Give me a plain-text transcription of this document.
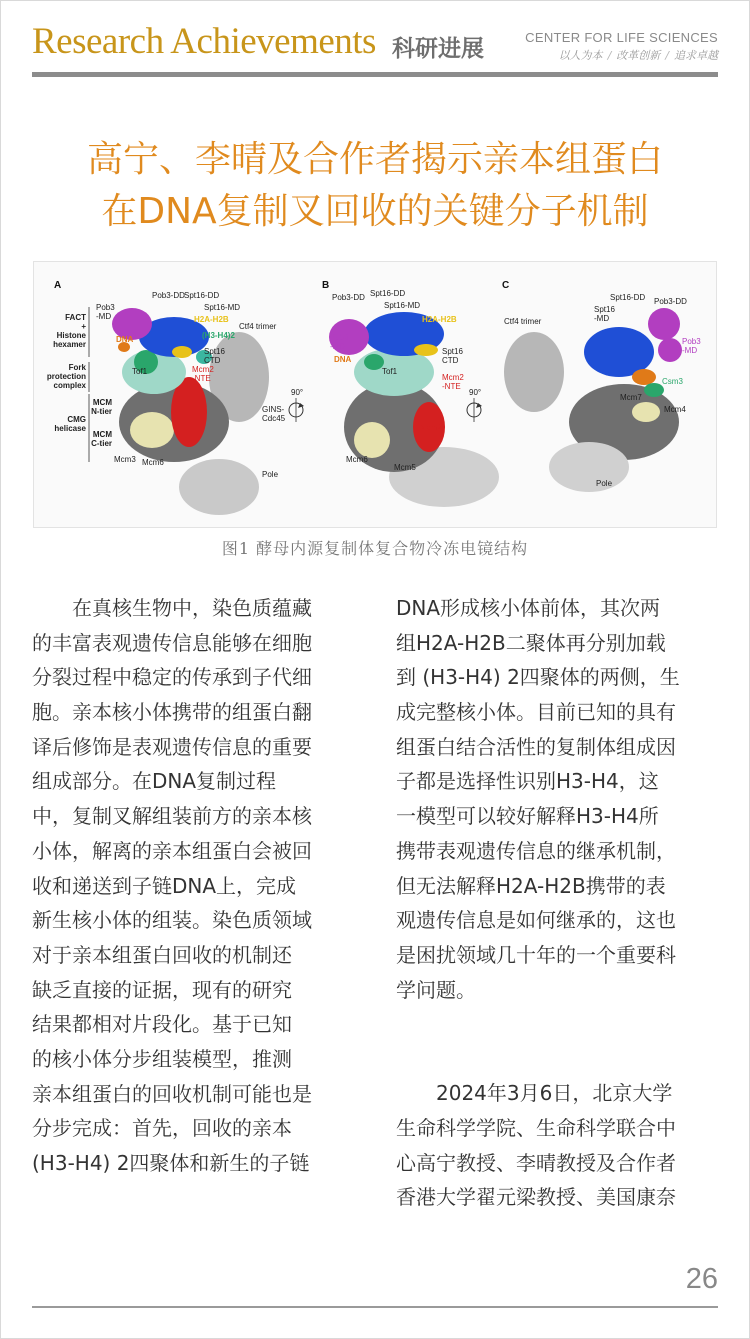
Research Achievements 科研进展	CENTER FOR LIFE SCIENCES
以人为本 / 改革创新 / 追求卓越
高宁、李晴及合作者揭示亲本组蛋白
在DNA复制叉回收的关键分子机制
A
FACT + Histone hexamer
Fork protection complex
CMG helicase
MCM N-tier
MCM C-tier
Pob3-DD Spt16-DD
Spt16-MD
Pob3 -MD	H2A-H2B
(H3-H4)2
DNA
Ctf4 trimer
Spt16 CTD
Mcm2 -NTE
Tof1
GINS-Cdc45
Mcm3 Mcm6
Pole
90°
B
Pob3-DD Spt16-DD
Spt16-MD
Pob3 -MD
H2A-H2B
DNA
Spt16 CTD
Mcm2 -NTE
Tof1
Mcm2
Mcm6
Mcm5
90°
C
Ctf4 trimer
Spt16-DD Pob3-DD
Spt16 -MD
Pob3 -MD
Csm3
Mcm7
Mcm4
Pole
图1 酵母内源复制体复合物冷冻电镜结构
　　在真核生物中，染色质蕴藏
的丰富表观遗传信息能够在细胞
分裂过程中稳定的传承到子代细
胞。亲本核小体携带的组蛋白翻
译后修饰是表观遗传信息的重要
组成部分。在DNA复制过程
中，复制叉解组装前方的亲本核
小体，解离的亲本组蛋白会被回
收和递送到子链DNA上，完成
新生核小体的组装。染色质领域
对于亲本组蛋白回收的机制还
缺乏直接的证据，现有的研究
结果都相对片段化。基于已知
的核小体分步组装模型，推测
亲本组蛋白的回收机制可能也是
分步完成：首先，回收的亲本
(H3-H4) 2四聚体和新生的子链
DNA形成核小体前体，其次两
组H2A-H2B二聚体再分别加载
到 (H3-H4) 2四聚体的两侧，生
成完整核小体。目前已知的具有
组蛋白结合活性的复制体组成因
子都是选择性识别H3-H4，这
一模型可以较好解释H3-H4所
携带表观遗传信息的继承机制，
但无法解释H2A-H2B携带的表
观遗传信息是如何继承的，这也
是困扰领域几十年的一个重要科
学问题。
　　2024年3月6日，北京大学
生命科学学院、生命科学联合中
心高宁教授、李晴教授及合作者
香港大学翟元梁教授、美国康奈
26
